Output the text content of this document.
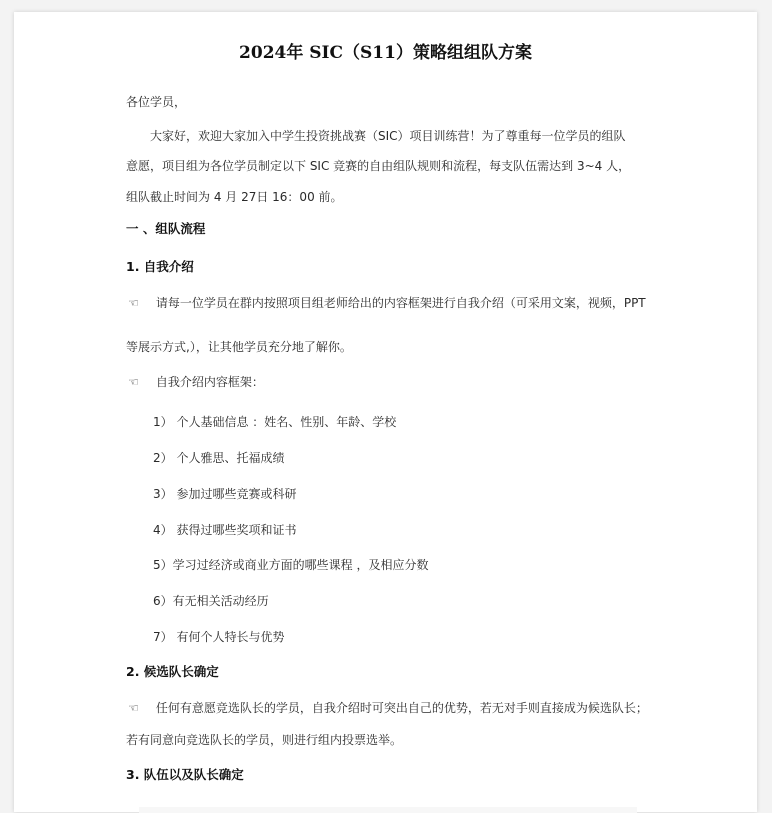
2024年 SIC（S11）策略组组队方案
各位学员，
大家好，欢迎大家加入中学生投资挑战赛（SIC）项目训练营！为了尊重每一位学员的组队
意愿，项目组为各位学员制定以下 SIC 竞赛的自由组队规则和流程，每支队伍需达到 3~4 人，
组队截止时间为 4 月 27日 16：00 前。
一 、组队流程
1. 自我介绍
☜ 请每一位学员在群内按照项目组老师给出的内容框架进行自我介绍（可采用文案，视频，PPT
等展示方式,），让其他学员充分地了解你。
☜ 自我介绍内容框架：
1） 个人基础信息 ：姓名、性别、年龄、学校
2） 个人雅思、托福成绩
3） 参加过哪些竞赛或科研
4） 获得过哪些奖项和证书
5）学习过经济或商业方面的哪些课程 ，及相应分数
6）有无相关活动经历
7） 有何个人特长与优势
2. 候选队长确定
☜ 任何有意愿竞选队长的学员，自我介绍时可突出自己的优势，若无对手则直接成为候选队长；
若有同意向竞选队长的学员，则进行组内投票选举。
3. 队伍以及队长确定
